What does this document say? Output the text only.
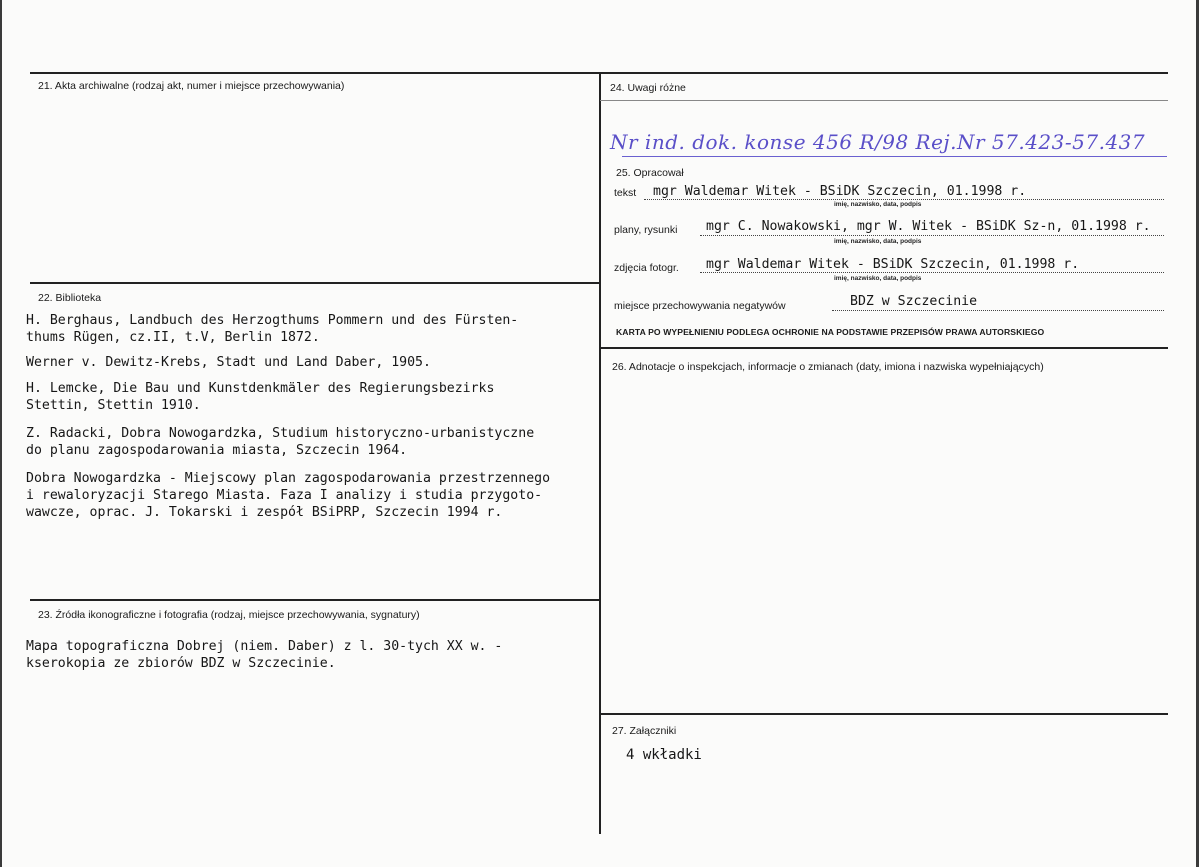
21. Akta archiwalne (rodzaj akt, numer i miejsce przechowywania)
22. Biblioteka
H. Berghaus, Landbuch des Herzogthums Pommern und des Fürsten-
thums Rügen, cz.II, t.V, Berlin 1872.
Werner v. Dewitz-Krebs, Stadt und Land Daber, 1905.
H. Lemcke, Die Bau und Kunstdenkmäler des Regierungsbezirks
Stettin, Stettin 1910.
Z. Radacki, Dobra Nowogardzka, Studium historyczno-urbanistyczne
do planu zagospodarowania miasta, Szczecin 1964.
Dobra Nowogardzka - Miejscowy plan zagospodarowania przestrzennego
i rewaloryzacji Starego Miasta. Faza I analizy i studia przygoto-
wawcze, oprac. J. Tokarski i zespół BSiPRP, Szczecin 1994 r.
23. Źródła ikonograficzne i fotografia (rodzaj, miejsce przechowywania, sygnatury)
Mapa topograficzna Dobrej (niem. Daber) z l. 30-tych XX w. -
kserokopia ze zbiorów BDZ w Szczecinie.
24. Uwagi różne
Nr ind. dok. konse 456 R/98 Rej.Nr 57.423-57.437
25. Opracował
tekst mgr Waldemar Witek - BSiDK Szczecin, 01.1998 r.
imię, nazwisko, data, podpis
plany, rysunki mgr C. Nowakowski, mgr W. Witek - BSiDK Sz-n, 01.1998 r.
imię, nazwisko, data, podpis
zdjęcia fotogr. mgr Waldemar Witek - BSiDK Szczecin, 01.1998 r.
imię, nazwisko, data, podpis
miejsce przechowywania negatywów	BDZ w Szczecinie
KARTA PO WYPEŁNIENIU PODLEGA OCHRONIE NA PODSTAWIE PRZEPISÓW PRAWA AUTORSKIEGO
26. Adnotacje o inspekcjach, informacje o zmianach (daty, imiona i nazwiska wypełniających)
27. Załączniki
4 wkładki
